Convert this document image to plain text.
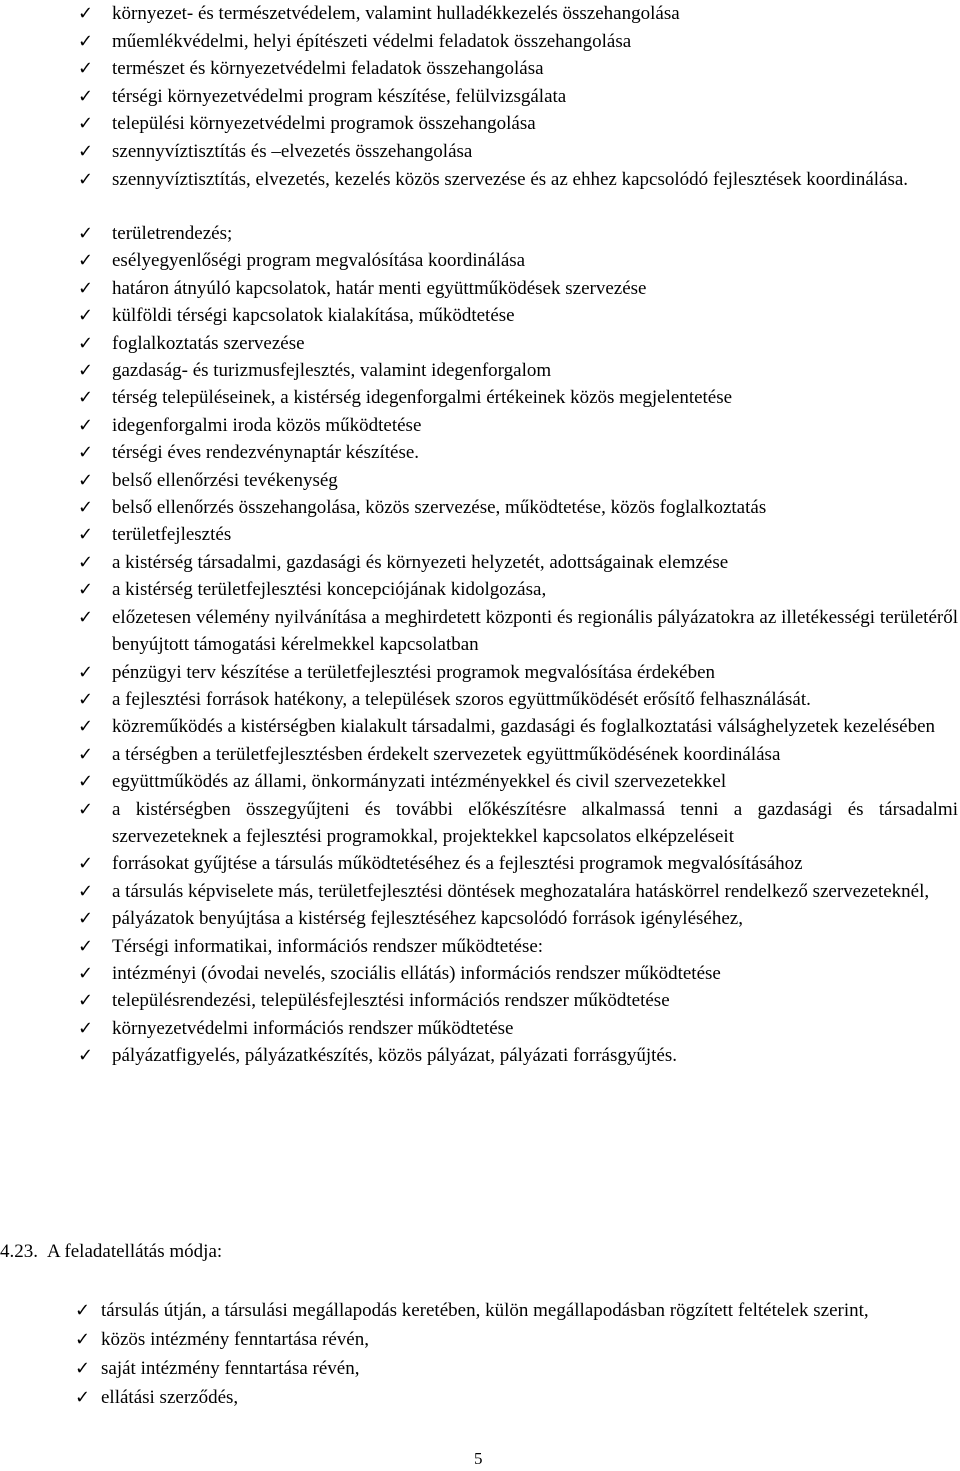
✓ környezet- és természetvédelem, valamint hulladékkezelés összehangolása
✓ műemlékvédelmi, helyi építészeti védelmi feladatok összehangolása
✓ természet és környezetvédelmi feladatok összehangolása
✓ térségi környezetvédelmi program készítése, felülvizsgálata
✓ települési környezetvédelmi programok összehangolása
✓ szennyvíztisztítás és –elvezetés összehangolása
✓ szennyvíztisztítás, elvezetés, kezelés közös szervezése és az ehhez kapcsolódó fejlesztések koordinálása.
✓ területrendezés;
✓ esélyegyenlőségi program megvalósítása koordinálása
✓ határon átnyúló kapcsolatok, határ menti együttműködések szervezése
✓ külföldi térségi kapcsolatok kialakítása, működtetése
✓ foglalkoztatás szervezése
✓ gazdaság- és turizmusfejlesztés, valamint idegenforgalom
✓ térség településeinek, a kistérség idegenforgalmi értékeinek közös megjelentetése
✓ idegenforgalmi iroda közös működtetése
✓ térségi éves rendezvénynaptár készítése.
✓ belső ellenőrzési tevékenység
✓ belső ellenőrzés összehangolása, közös szervezése, működtetése, közös foglalkoztatás
✓ területfejlesztés
✓ a kistérség társadalmi, gazdasági és környezeti helyzetét, adottságainak elemzése
✓ a kistérség területfejlesztési koncepciójának kidolgozása,
✓ előzetesen vélemény nyilvánítása a meghirdetett központi és regionális pályázatokra az illetékességi területéről benyújtott támogatási kérelmekkel kapcsolatban
✓ pénzügyi terv készítése a területfejlesztési programok megvalósítása érdekében
✓ a fejlesztési források hatékony, a települések szoros együttműködését erősítő felhasználását.
✓ közreműködés a kistérségben kialakult társadalmi, gazdasági és foglalkoztatási válsághelyzetek kezelésében
✓ a térségben a területfejlesztésben érdekelt szervezetek együttműködésének koordinálása
✓ együttműködés az állami, önkormányzati intézményekkel és civil szervezetekkel
✓ a kistérségben összegyűjteni és további előkészítésre alkalmassá tenni a gazdasági és társadalmi szervezeteknek a fejlesztési programokkal, projektekkel kapcsolatos elképzeléseit
✓ forrásokat gyűjtése a társulás működtetéséhez és a fejlesztési programok megvalósításához
✓ a társulás képviselete más, területfejlesztési döntések meghozatalára hatáskörrel rendelkező szervezeteknél,
✓ pályázatok benyújtása a kistérség fejlesztéséhez kapcsolódó források igényléséhez,
✓ Térségi informatikai, információs rendszer működtetése:
✓ intézményi (óvodai nevelés, szociális ellátás) információs rendszer működtetése
✓ településrendezési, településfejlesztési információs rendszer működtetése
✓ környezetvédelmi információs rendszer működtetése
✓ pályázatfigyelés, pályázatkészítés, közös pályázat, pályázati forrásgyűjtés.
4.23. A feladatellátás módja:
✓ társulás útján, a társulási megállapodás keretében, külön megállapodásban rögzített feltételek szerint,
✓ közös intézmény fenntartása révén,
✓ saját intézmény fenntartása révén,
✓ ellátási szerződés,
5
